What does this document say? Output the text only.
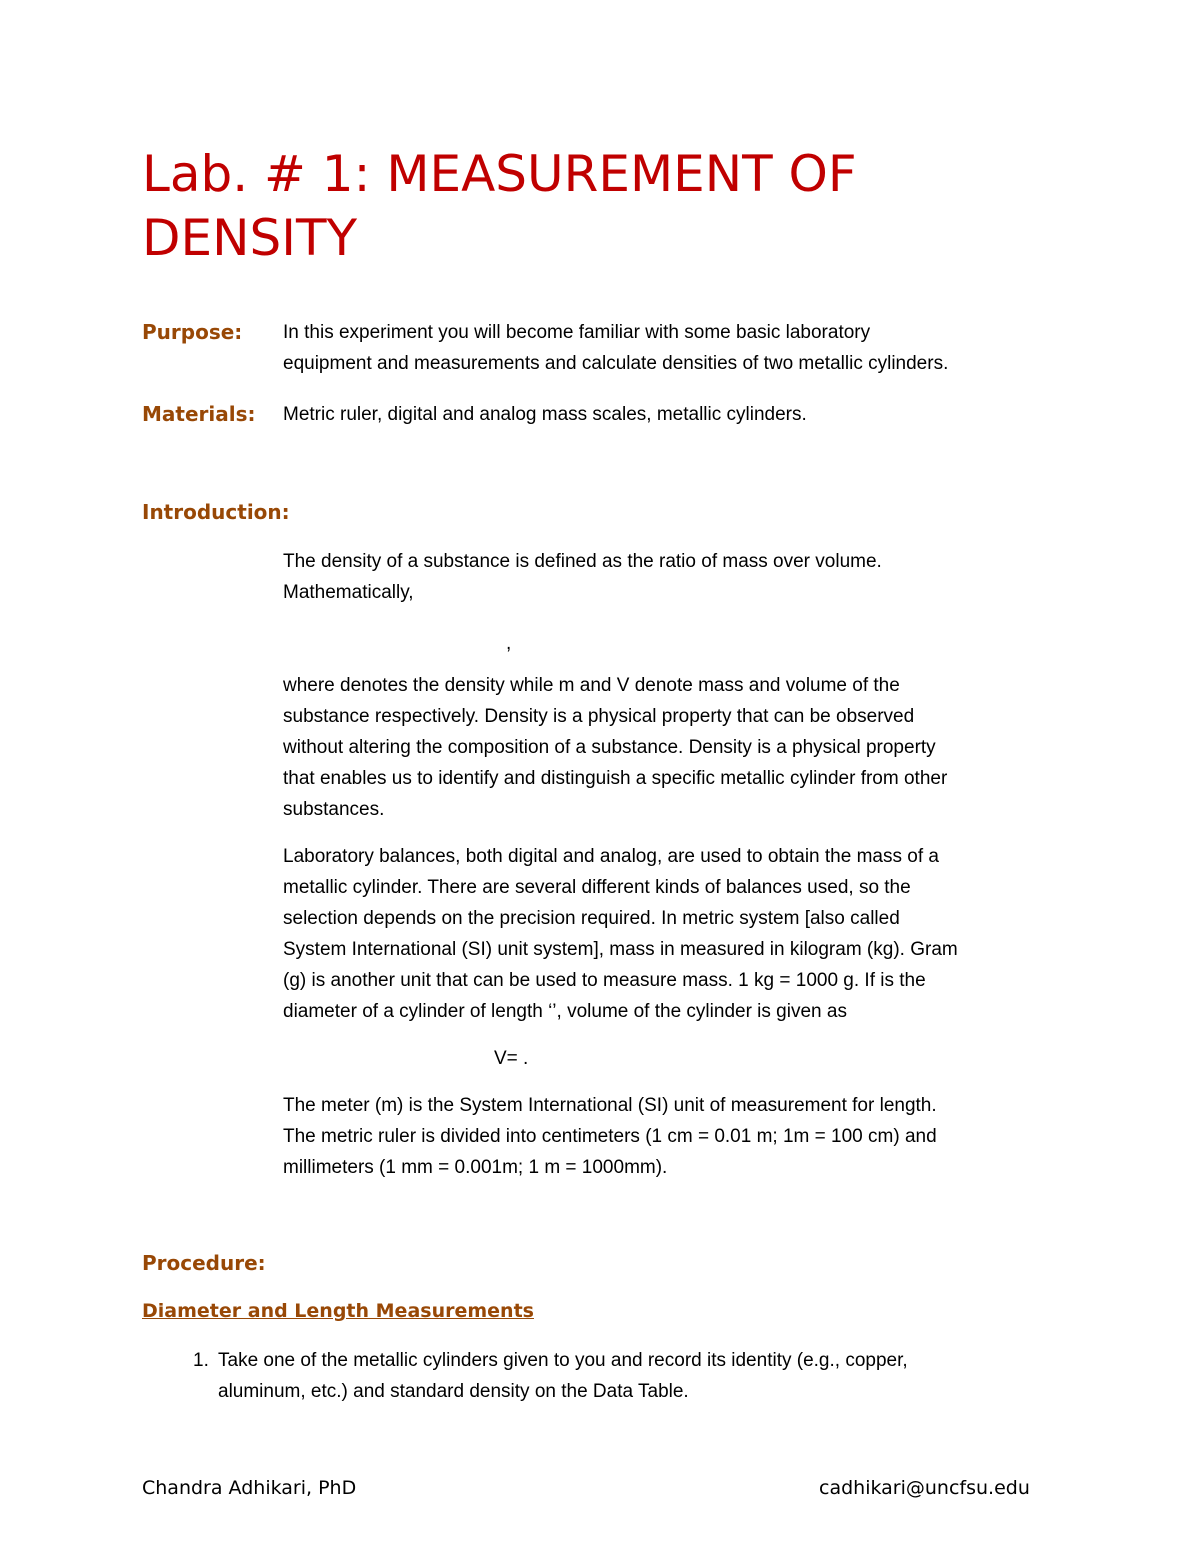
Lab. # 1: MEASUREMENT OF
DENSITY
Purpose: In this experiment you will become familiar with some basic laboratory
equipment and measurements and calculate densities of two metallic cylinders.
Materials: Metric ruler, digital and analog mass scales, metallic cylinders.
Introduction:
The density of a substance is defined as the ratio of mass over volume.
Mathematically,
,
where denotes the density while m and V denote mass and volume of the
substance respectively. Density is a physical property that can be observed
without altering the composition of a substance. Density is a physical property
that enables us to identify and distinguish a specific metallic cylinder from other
substances.
Laboratory balances, both digital and analog, are used to obtain the mass of a
metallic cylinder. There are several different kinds of balances used, so the
selection depends on the precision required. In metric system [also called
System International (SI) unit system], mass in measured in kilogram (kg). Gram
(g) is another unit that can be used to measure mass. 1 kg = 1000 g. If is the
diameter of a cylinder of length ‘’, volume of the cylinder is given as
V= .
The meter (m) is the System International (SI) unit of measurement for length.
The metric ruler is divided into centimeters (1 cm = 0.01 m; 1m = 100 cm) and
millimeters (1 mm = 0.001m; 1 m = 1000mm).
Procedure:
Diameter and Length Measurements
1. Take one of the metallic cylinders given to you and record its identity (e.g., copper,
aluminum, etc.) and standard density on the Data Table.
Chandra Adhikari, PhD	cadhikari@uncfsu.edu
